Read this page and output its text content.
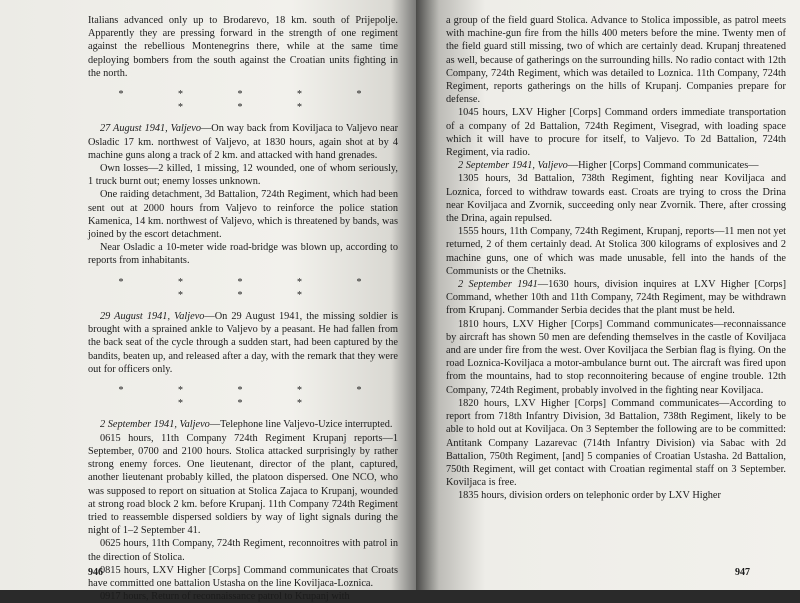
Italians advanced only up to Brodarevo, 18 km. south of Prijepolje. Apparently they are pressing forward in the strength of one regiment against the rebellious Montenegrins there, while at the same time deploying bombers from the south against the Croatian units fighting in the north.

* * * * * * * *

27 August 1941, Valjevo—On way back from Koviljaca to Valjevo near Osladic 17 km. northwest of Valjevo, at 1830 hours, again shot at by 4 machine guns along a track of 2 km. and attacked with hand grenades.

Own losses—2 killed, 1 missing, 12 wounded, one of whom seriously, 1 truck burnt out; enemy losses unknown.

One raiding detachment, 3d Battalion, 724th Regiment, which had been sent out at 2000 hours from Valjevo to reinforce the police station Kamenica, 14 km. northwest of Valjevo, which is threatened by bands, was joined by the escort detachment.

Near Osladic a 10-meter wide road-bridge was blown up, according to reports from inhabitants.

* * * * * * * *

29 August 1941, Valjevo—On 29 August 1941, the missing soldier is brought with a sprained ankle to Valjevo by a peasant. He had fallen from the back seat of the cycle through a sudden start, had been captured by the bandits, beaten up, and released after a day, with the remark that they were out for officers only.

* * * * * * * *

2 September 1941, Valjevo—Telephone line Valjevo-Uzice interrupted.

0615 hours, 11th Company 724th Regiment Krupanj reports—1 September, 0700 and 2100 hours. Stolica attacked surprisingly by rather strong enemy forces. One lieutenant, director of the plant, captured, another lieutenant probably killed, the platoon dispersed. One NCO, who was supposed to report on situation at Stolica Zajaca to Krupanj, wounded at strong road block 2 km. before Krupanj. 11th Company 724th Regiment tried to reassemble dispersed soldiers by way of light signals during the night of 1–2 September 41.

0625 hours, 11th Company, 724th Regiment, reconnoitres with patrol in the direction of Stolica.

0815 hours, LXV Higher [Corps] Command communicates that Croats have committed one battalion Ustasha on the line Koviljaca-Loznica.

0917 hours, Return of reconnaissance patrol to Krupanj with

946

a group of the field guard Stolica. Advance to Stolica impossible, as patrol meets with machine-gun fire from the hills 400 meters before the mine. Twenty men of the field guard still missing, two of which are certainly dead. Krupanj threatened as well, because of gatherings on the surrounding hills. No radio contact with 12th Company, 724th Regiment, which was detailed to Loznica. 11th Company, 724th Regiment, reports gatherings on the hills of Krupanj. Companies prepare for defense.

1045 hours, LXV Higher [Corps] Command orders immediate transportation of a company of 2d Battalion, 724th Regiment, Visegrad, with loading space which it will have to procure for itself, to Valjevo. To 2d Battalion, 724th Regiment, via radio.

2 September 1941, Valjevo—Higher [Corps] Command communicates—

1305 hours, 3d Battalion, 738th Regiment, fighting near Koviljaca and Loznica, forced to withdraw towards east. Croats are trying to cross the Drina near Koviljaca and Zvornik, succeeding only near Zvornik. There, after crossing the Drina, again repulsed.

1555 hours, 11th Company, 724th Regiment, Krupanj, reports—11 men not yet returned, 2 of them certainly dead. At Stolica 300 kilograms of explosives and 2 machine guns, one of which was made unusable, fell into the hands of the Communists or the Chetniks.

2 September 1941—1630 hours, division inquires at LXV Higher [Corps] Command, whether 10th and 11th Company, 724th Regiment, may be withdrawn from Krupanj. Commander Serbia decides that the plant must be held.

1810 hours, LXV Higher [Corps] Command communicates—reconnaissance by aircraft has shown 50 men are defending themselves in the castle of Koviljaca and are under fire from the west. Over Koviljaca the Serbian flag is flying. On the road Loznica-Koviljaca a motor-ambulance burnt out. The aircraft was fired upon from the mountains, had to stop reconnoitering because of engine trouble. 12th Company, 724th Regiment, probably involved in the fighting near Koviljaca.

1820 hours, LXV Higher [Corps] Command communicates—According to report from 718th Infantry Division, 3d Battalion, 738th Regiment, likely to be able to hold out at Koviljaca. On 3 September the following are to be committed: Antitank Company Lazarevac (714th Infantry Division) via Sabac with 2d Battalion, 750th Regiment, [and] 5 companies of Croatian Ustasha. 2d Battalion, 750th Regiment, will get contact with Croatian regimental staff on 3 September. Koviljaca is free.

1835 hours, division orders on telephonic order by LXV Higher

947
